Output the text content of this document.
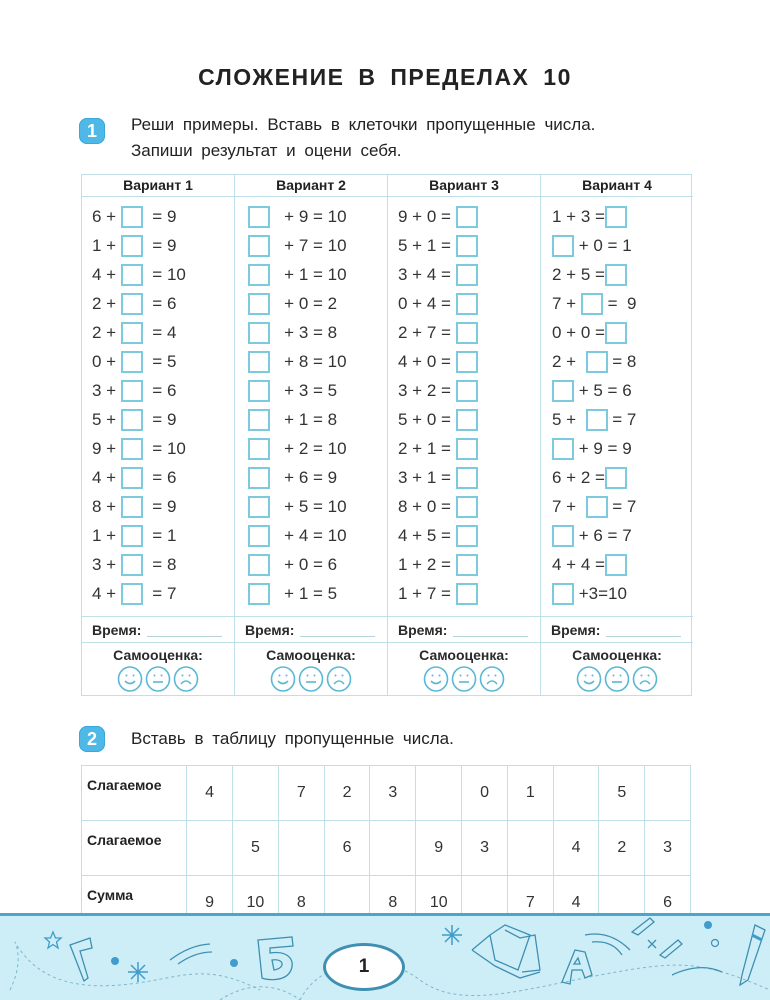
СЛОЖЕНИЕ В ПРЕДЕЛАХ 10
1	Реши примеры. Вставь в клеточки пропущенные числа.
Запиши результат и оцени себя.
Вариант 1
6 + = 9
1 + = 9
4 + = 10
2 + = 6
2 + = 4
0 + = 5
3 + = 6
5 + = 9
9 + = 10
4 + = 6
8 + = 9
1 + = 1
3 + = 8
4 + = 7
Время:
Самооценка:
Вариант 2
+ 9 = 10
+ 7 = 10
+ 1 = 10
+ 0 = 2
+ 3 = 8
+ 8 = 10
+ 3 = 5
+ 1 = 8
+ 2 = 10
+ 6 = 9
+ 5 = 10
+ 4 = 10
+ 0 = 6
+ 1 = 5
Время:
Самооценка:
Вариант 3
9 + 0 =
5 + 1 =
3 + 4 =
0 + 4 =
2 + 7 =
4 + 0 =
3 + 2 =
5 + 0 =
2 + 1 =
3 + 1 =
8 + 0 =
4 + 5 =
1 + 2 =
1 + 7 =
Время:
Самооценка:
Вариант 4
1 + 3 =
+ 0 = 1
2 + 5 =
7 + =  9
0 + 0 =
2 + = 8
+ 5 = 6
5 + = 7
+ 9 = 9
6 + 2 =
7 + = 7
+ 6 = 7
4 + 4 =
+3=10
Время:
Самооценка:
2	Вставь в таблицу пропущенные числа.
Слагаемое	4		7	2	3		0	1		5	
Слагаемое		5		6		9	3		4	2	3
Сумма	9	10	8		8	10		7	4		6
1
